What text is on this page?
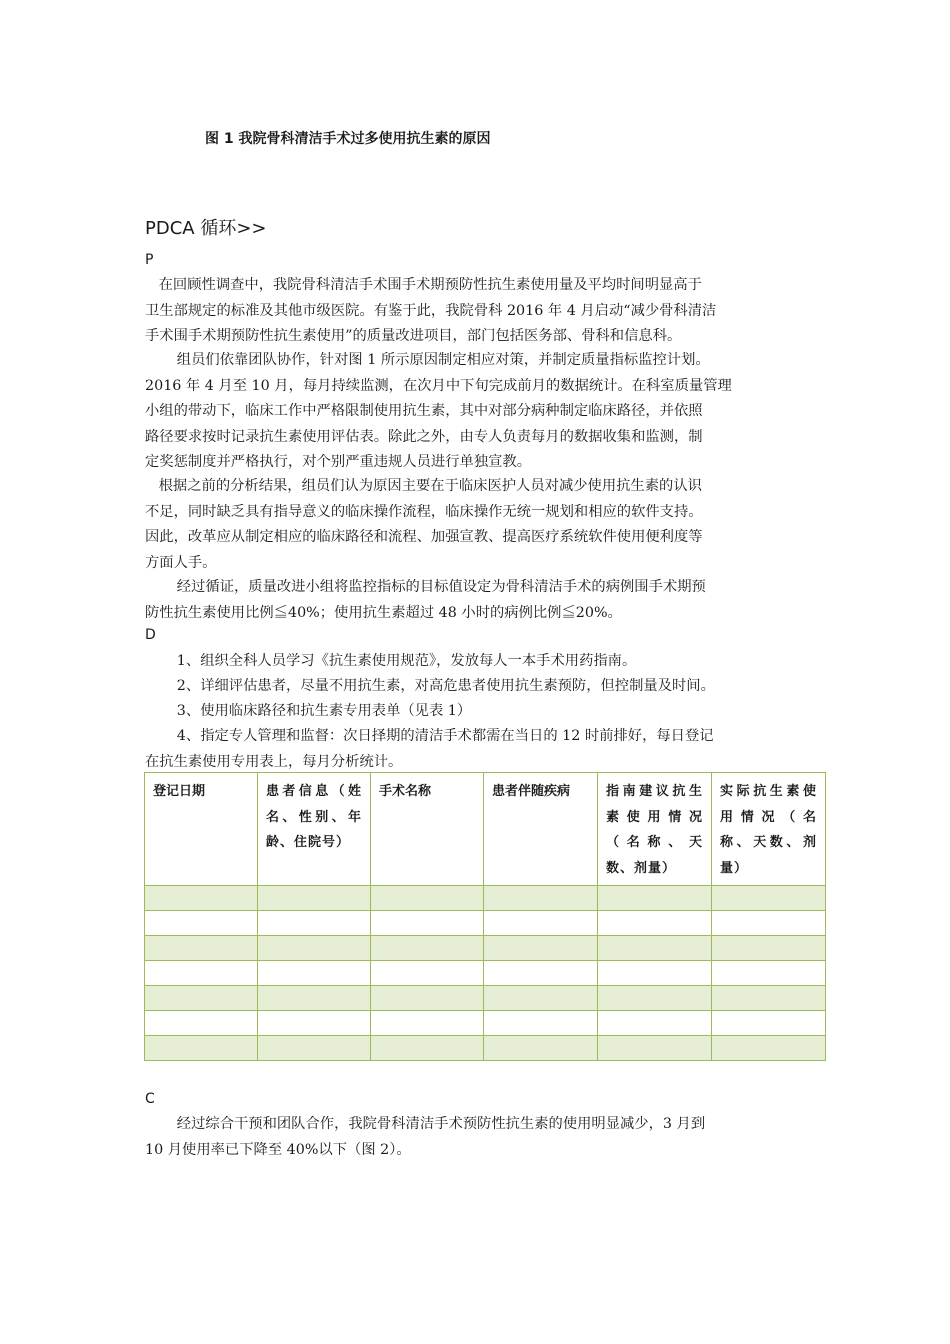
图 1 我院骨科清洁手术过多使用抗生素的原因
PDCA 循环>>
P

在回顾性调查中，我院骨科清洁手术围手术期预防性抗生素使用量及平均时间明显高于
卫生部规定的标准及其他市级医院。有鉴于此，我院骨科 2016 年 4 月启动“减少骨科清洁
手术围手术期预防性抗生素使用”的质量改进项目，部门包括医务部、骨科和信息科。

组员们依靠团队协作，针对图 1 所示原因制定相应对策，并制定质量指标监控计划。
2016 年 4 月至 10 月，每月持续监测，在次月中下旬完成前月的数据统计。在科室质量管理
小组的带动下，临床工作中严格限制使用抗生素，其中对部分病种制定临床路径，并依照
路径要求按时记录抗生素使用评估表。除此之外，由专人负责每月的数据收集和监测，制
定奖惩制度并严格执行，对个别严重违规人员进行单独宣教。

根据之前的分析结果，组员们认为原因主要在于临床医护人员对减少使用抗生素的认识
不足，同时缺乏具有指导意义的临床操作流程，临床操作无统一规划和相应的软件支持。
因此，改革应从制定相应的临床路径和流程、加强宣教、提高医疗系统软件使用便利度等
方面人手。

经过循证，质量改进小组将监控指标的目标值设定为骨科清洁手术的病例围手术期预
防性抗生素使用比例≦40%；使用抗生素超过 48 小时的病例比例≦20%。

D

1、组织全科人员学习《抗生素使用规范》，发放每人一本手术用药指南。

2、详细评估患者，尽量不用抗生素，对高危患者使用抗生素预防，但控制量及时间。

3、使用临床路径和抗生素专用表单（见表 1）

4、指定专人管理和监督：次日择期的清洁手术都需在当日的 12 时前排好，每日登记
在抗生素使用专用表上，每月分析统计。

登记日期	患者信息（姓名、性别、年龄、住院号）	手术名称	患者伴随疾病	指南建议抗生素使用情况（名称、天数、剂量）	实际抗生素使用情况（名称、天数、剂量）

C

经过综合干预和团队合作，我院骨科清洁手术预防性抗生素的使用明显减少，3 月到
10 月使用率已下降至 40%以下（图 2）。
